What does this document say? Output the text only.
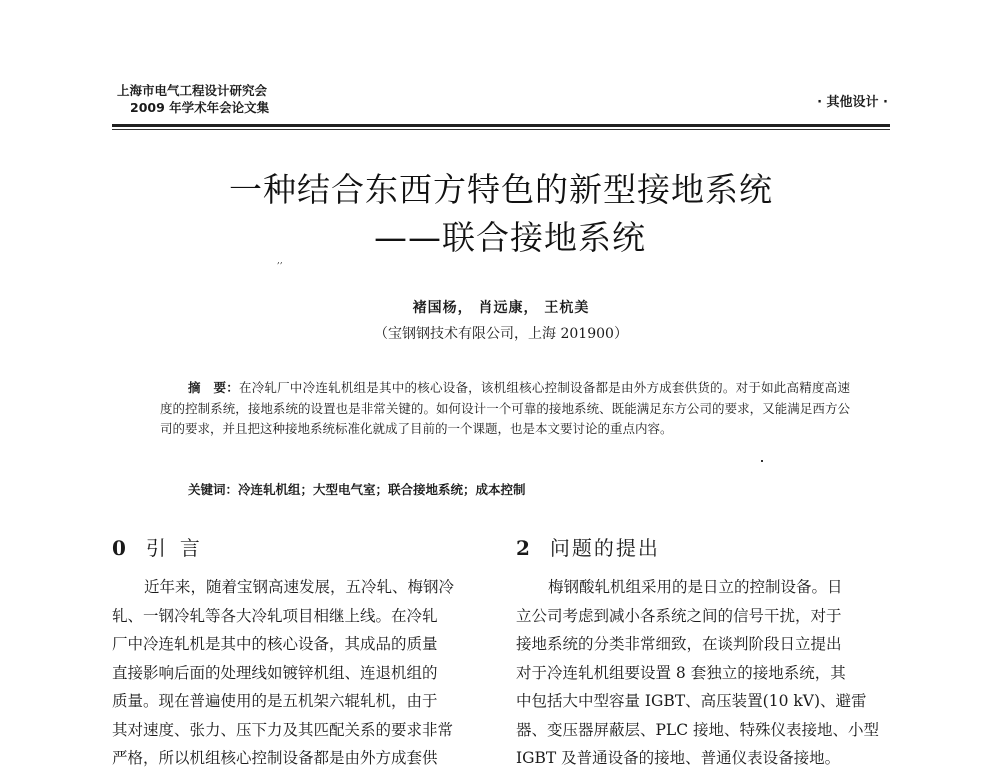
上海市电气工程设计研究会
2009 年学术年会论文集	· 其他设计 ·
一种结合东西方特色的新型接地系统
——联合接地系统
,,
褚国杨， 肖远康， 王杭美
（宝钢钢技术有限公司，上海 201900）
摘　要：在冷轧厂中冷连轧机组是其中的核心设备，该机组核心控制设备都是由外方成套供货的。对于如此高精度高速度的控制系统，接地系统的设置也是非常关键的。如何设计一个可靠的接地系统、既能满足东方公司的要求，又能满足西方公司的要求，并且把这种接地系统标准化就成了目前的一个课题，也是本文要讨论的重点内容。
关键词：冷连轧机组；大型电气室；联合接地系统；成本控制
0 引言	2 问题的提出
近年来，随着宝钢高速发展，五冷轧、梅钢冷
轧、一钢冷轧等各大冷轧项目相继上线。在冷轧
厂中冷连轧机是其中的核心设备，其成品的质量
直接影响后面的处理线如镀锌机组、连退机组的
质量。现在普遍使用的是五机架六辊轧机，由于
其对速度、张力、压下力及其匹配关系的要求非常
严格，所以机组核心控制设备都是由外方成套供
梅钢酸轧机组采用的是日立的控制设备。日
立公司考虑到减小各系统之间的信号干扰，对于
接地系统的分类非常细致，在谈判阶段日立提出
对于冷连轧机组要设置 8 套独立的接地系统，其
中包括大中型容量 IGBT、高压装置(10 kV)、避雷
器、变压器屏蔽层、PLC 接地、特殊仪表接地、小型
IGBT 及普通设备的接地、普通仪表设备接地。
